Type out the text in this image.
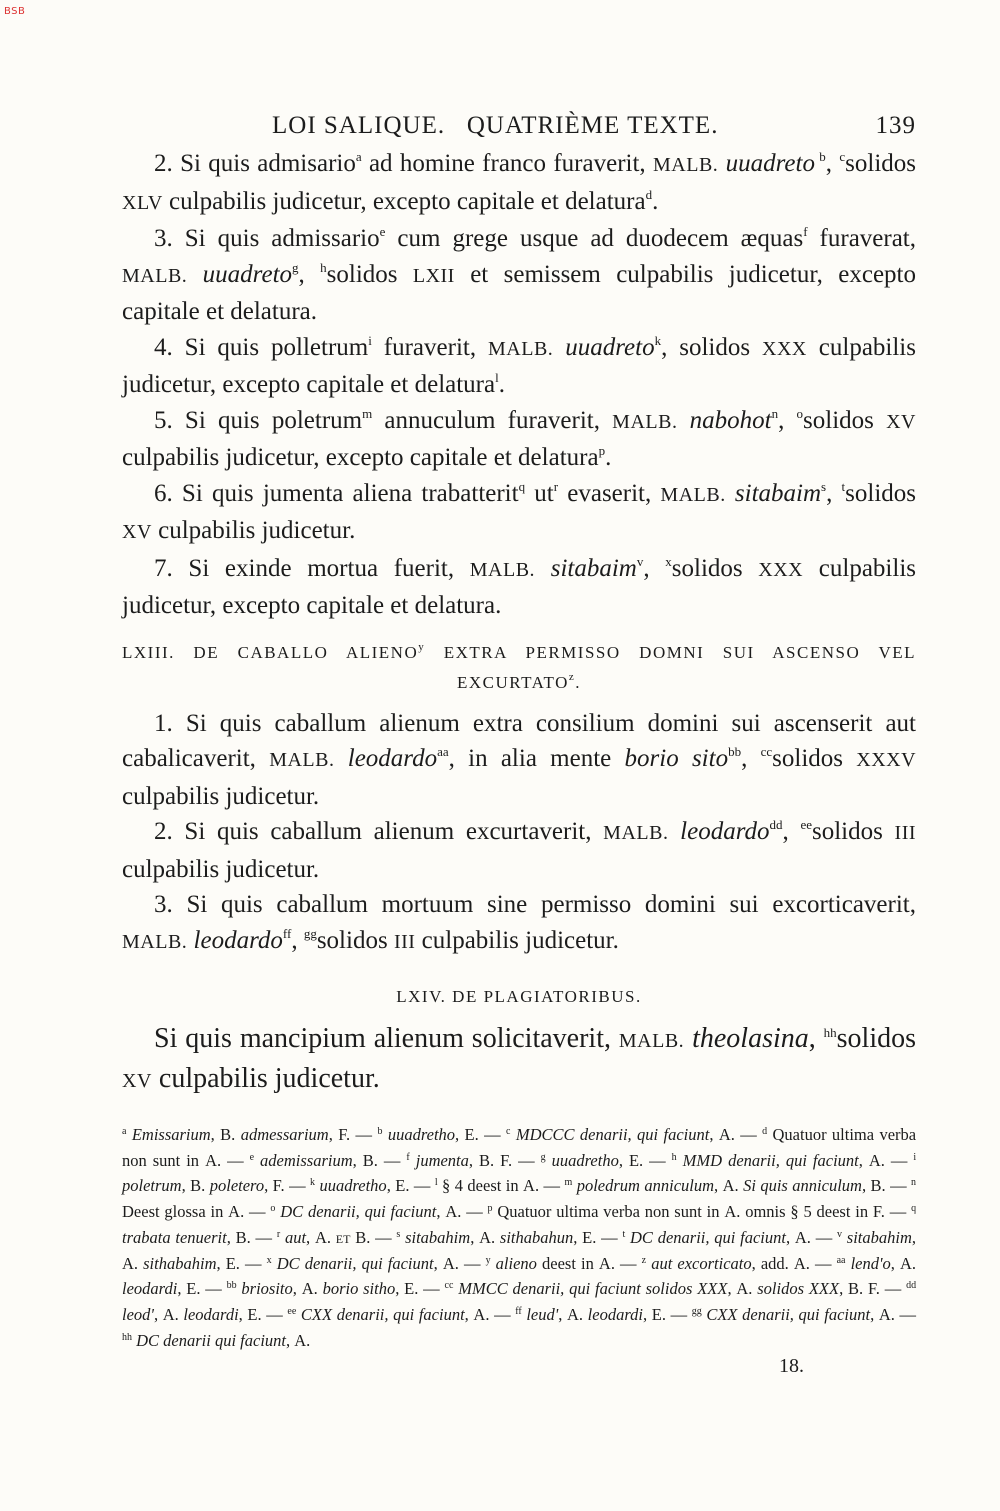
BSB
LOI SALIQUE.   QUATRIÈME TEXTE.	139

2. Si quis admisario$^a$ ad homine franco furaverit, MALB. uuadreto $^b$, $^c$solidos XLV culpabilis judicetur, excepto capitale et delatura$^d$.

3. Si quis admissario$^e$ cum grege usque ad duodecem æquas$^f$ furaverat, MALB. uuadreto$^g$, $^h$solidos LXII et semissem culpabilis judicetur, excepto capitale et delatura.

4. Si quis polletrum$^i$ furaverit, MALB. uuadreto$^k$, solidos XXX culpabilis judicetur, excepto capitale et delatura$^l$.

5. Si quis poletrum$^m$ annuculum furaverit, MALB. nabohot$^n$, $^o$solidos XV culpabilis judicetur, excepto capitale et delatura$^p$.

6. Si quis jumenta aliena trabatterit$^q$ $ut^r$ evaserit, MALB. sitabaim$^s$, $^t$solidos XV culpabilis judicetur.

7. Si exinde mortua fuerit, MALB. sitabaim$^v$, $^x$solidos XXX culpabilis judicetur, excepto capitale et delatura.

LXIII. DE CABALLO ALIENO$^y$ EXTRA PERMISSO DOMNI SUI ASCENSO VEL EXCURTATO$^z$.

1. Si quis caballum alienum extra consilium domini sui ascenserit aut cabalicaverit, MALB. leodardo$^{aa}$, in alia mente borio sito$^{bb}$, $^{cc}$solidos XXXV culpabilis judicetur.

2. Si quis caballum alienum excurtaverit, MALB. leodardo$^{dd}$, $^{ee}$solidos III culpabilis judicetur.

3. Si quis caballum mortuum sine permisso domini sui excorticaverit, MALB. leodardo$^{ff}$, $^{gg}$solidos III culpabilis judicetur.

LXIV. DE PLAGIATORIBUS.

Si quis mancipium alienum solicitaverit, MALB. theolasina, $^{hh}$solidos XV culpabilis judicetur.

$^a$ Emissarium, B. admessarium, F. — $^b$ uuadretho, E. — $^c$ MDCCC denarii, qui faciunt, A. — $^d$ Quatuor ultima verba non sunt in A. — $^e$ ademissarium, B. — $^f$ jumenta, B. F. — $^g$ uuadretho, E. — $^h$ MMD denarii, qui faciunt, A. — $^i$ poletrum, B. poletero, F. — $^k$ uuadretho, E. — $^l$ § 4 deest in A. — $^m$ poledrum anniculum, A. Si quis anniculum, B. — $^n$ Deest glossa in A. — $^o$ DC denarii, qui faciunt, A. — $^p$ Quatuor ultima verba non sunt in A. omnis § 5 deest in F. — $^q$ trabata tenuerit, B. — $^r$ aut, A. et B. — $^s$ sitabahim, A. sithabahun, E. — $^t$ DC denarii, qui faciunt, A. — $^v$ sitabahim, A. sithabahim, E. — $^x$ DC denarii, qui faciunt, A. — $^y$ alieno deest in A. — $^z$ aut excorticato, add. A. — $^{aa}$ lend'o, A. leodardi, E. — $^{bb}$ briosito, A. borio sitho, E. — $^{cc}$ MMCC denarii, qui faciunt solidos XXX, A. solidos XXX, B. F. — $^{dd}$ leod', A. leodardi, E. — $^{ee}$ CXX denarii, qui faciunt, A. — $^{ff}$ leud', A. leodardi, E. — $^{gg}$ CXX denarii, qui faciunt, A. — $^{hh}$ DC denarii qui faciunt, A.
18.
